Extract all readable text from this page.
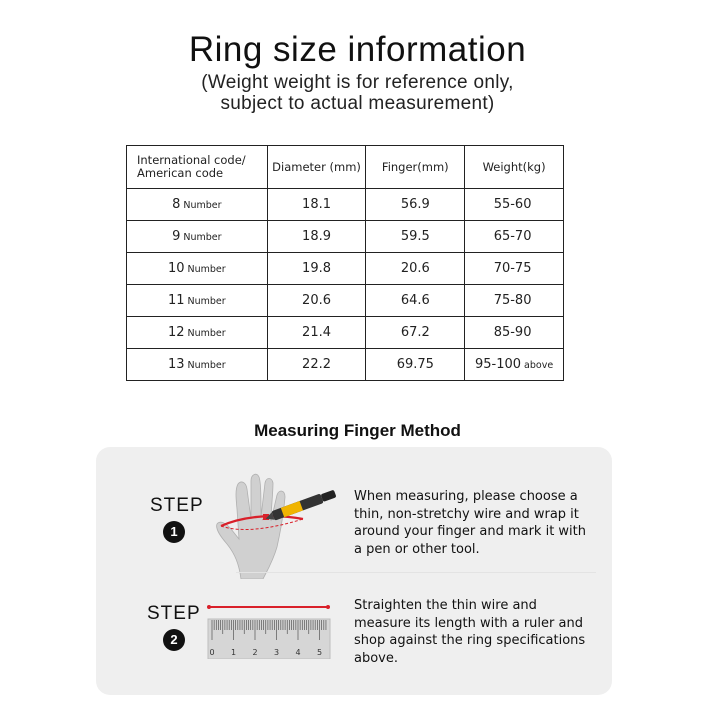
Ring size information
(Weight weight is for reference only,
subject to actual measurement)
International code/
American code	Diameter (mm)	Finger(mm)	Weight(kg)
8 Number	18.1	56.9	55-60
9 Number	18.9	59.5	65-70
10 Number	19.8	20.6	70-75
11 Number	20.6	64.6	75-80
12 Number	21.4	67.2	85-90
13 Number	22.2	69.75	95-100 above
Measuring Finger Method
STEP
1
When measuring, please choose a thin, non-stretchy wire and wrap it around your finger and mark it with a pen or other tool.
STEP
2
0 1 2 3 4 5
Straighten the thin wire and measure its length with a ruler and shop against the ring specifications above.
